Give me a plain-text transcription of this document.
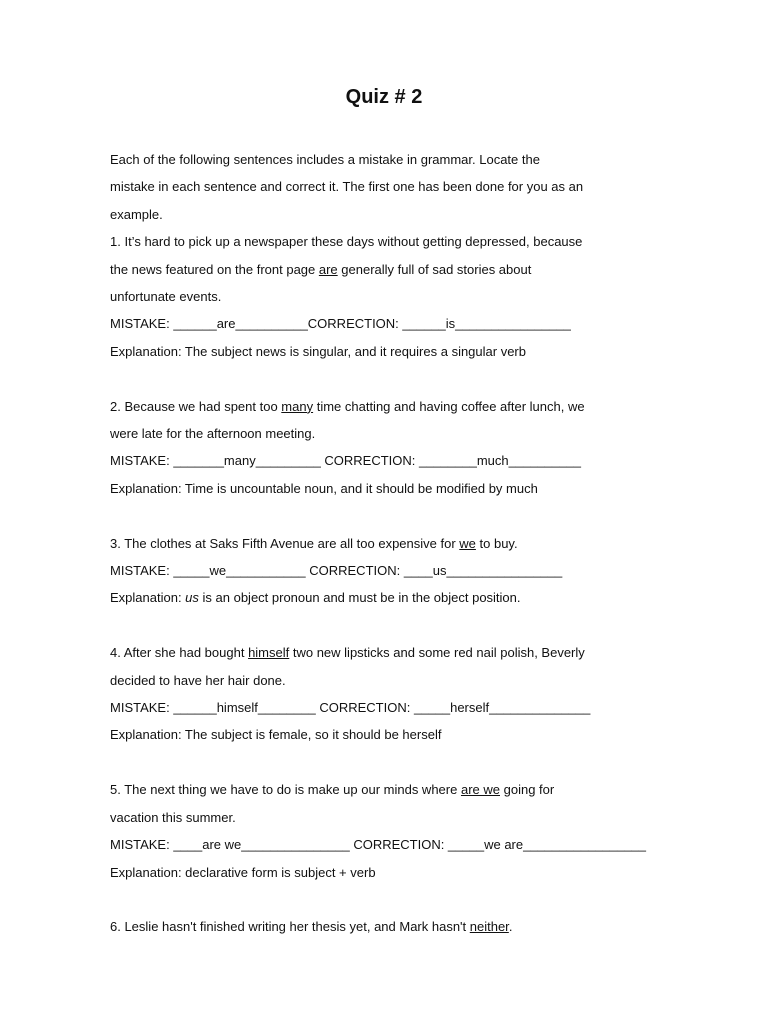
Quiz # 2

Each of the following sentences includes a mistake in grammar. Locate the

mistake in each sentence and correct it. The first one has been done for you as an

example.

1. It’s hard to pick up a newspaper these days without getting depressed, because

the news featured on the front page are generally full of sad stories about

unfortunate events.

MISTAKE: ______are__________CORRECTION: ______is________________

Explanation: The subject news is singular, and it requires a singular verb

2. Because we had spent too many time chatting and having coffee after lunch, we

were late for the afternoon meeting.

MISTAKE: _______many_________ CORRECTION: ________much__________

Explanation: Time is uncountable noun, and it should be modified by much

3. The clothes at Saks Fifth Avenue are all too expensive for we to buy.

MISTAKE: _____we___________ CORRECTION: ____us________________

Explanation: us is an object pronoun and must be in the object position.

4. After she had bought himself two new lipsticks and some red nail polish, Beverly

decided to have her hair done.

MISTAKE: ______himself________ CORRECTION: _____herself______________

Explanation: The subject is female, so it should be herself

5. The next thing we have to do is make up our minds where are we going for

vacation this summer.

MISTAKE: ____are we_______________ CORRECTION: _____we are_________________

Explanation: declarative form is subject + verb

6. Leslie hasn't finished writing her thesis yet, and Mark hasn't neither.
